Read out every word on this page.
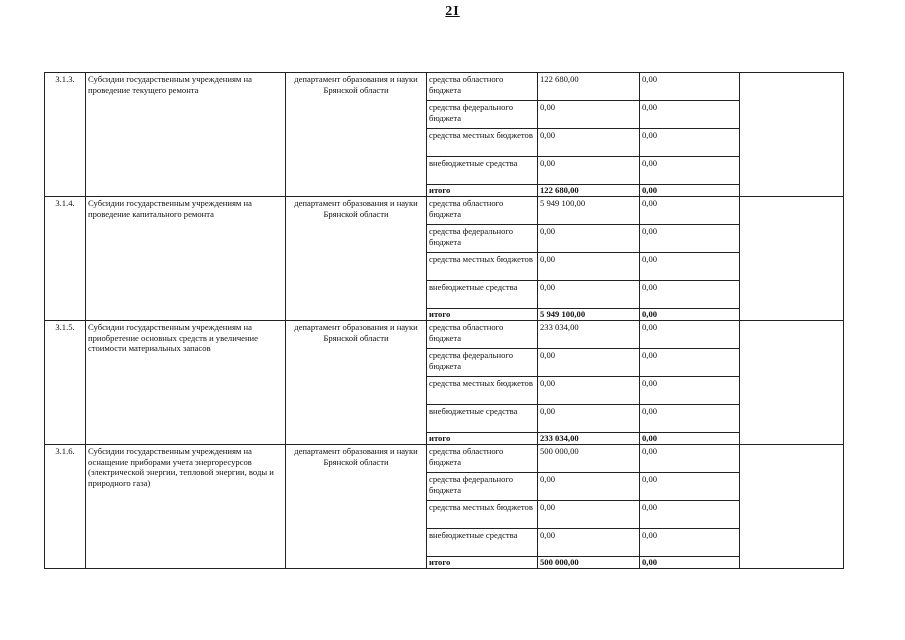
2I
3.1.3.	Субсидии государственным учреждениям на проведение текущего ремонта	департамент образования и науки Брянской области	средства областного бюджета	122 680,00	0,00	
			средства федерального бюджета	0,00	0,00	
			средства местных бюджетов	0,00	0,00	
			внебюджетные средства	0,00	0,00	
			итого	122 680,00	0,00	
3.1.4.	Субсидии государственным учреждениям на проведение капитального ремонта	департамент образования и науки Брянской области	средства областного бюджета	5 949 100,00	0,00	
			средства федерального бюджета	0,00	0,00	
			средства местных бюджетов	0,00	0,00	
			внебюджетные средства	0,00	0,00	
			итого	5 949 100,00	0,00	
3.1.5.	Субсидии государственным учреждениям на приобретение основных средств и увеличение стоимости материальных запасов	департамент образования и науки Брянской области	средства областного бюджета	233 034,00	0,00	
			средства федерального бюджета	0,00	0,00	
			средства местных бюджетов	0,00	0,00	
			внебюджетные средства	0,00	0,00	
			итого	233 034,00	0,00	
3.1.6.	Субсидии государственным учреждениям на оснащение приборами учета энергоресурсов (электрической энергии, тепловой энергии, воды и природного газа)	департамент образования и науки Брянской области	средства областного бюджета	500 000,00	0,00	
			средства федерального бюджета	0,00	0,00	
			средства местных бюджетов	0,00	0,00	
			внебюджетные средства	0,00	0,00	
			итого	500 000,00	0,00	
